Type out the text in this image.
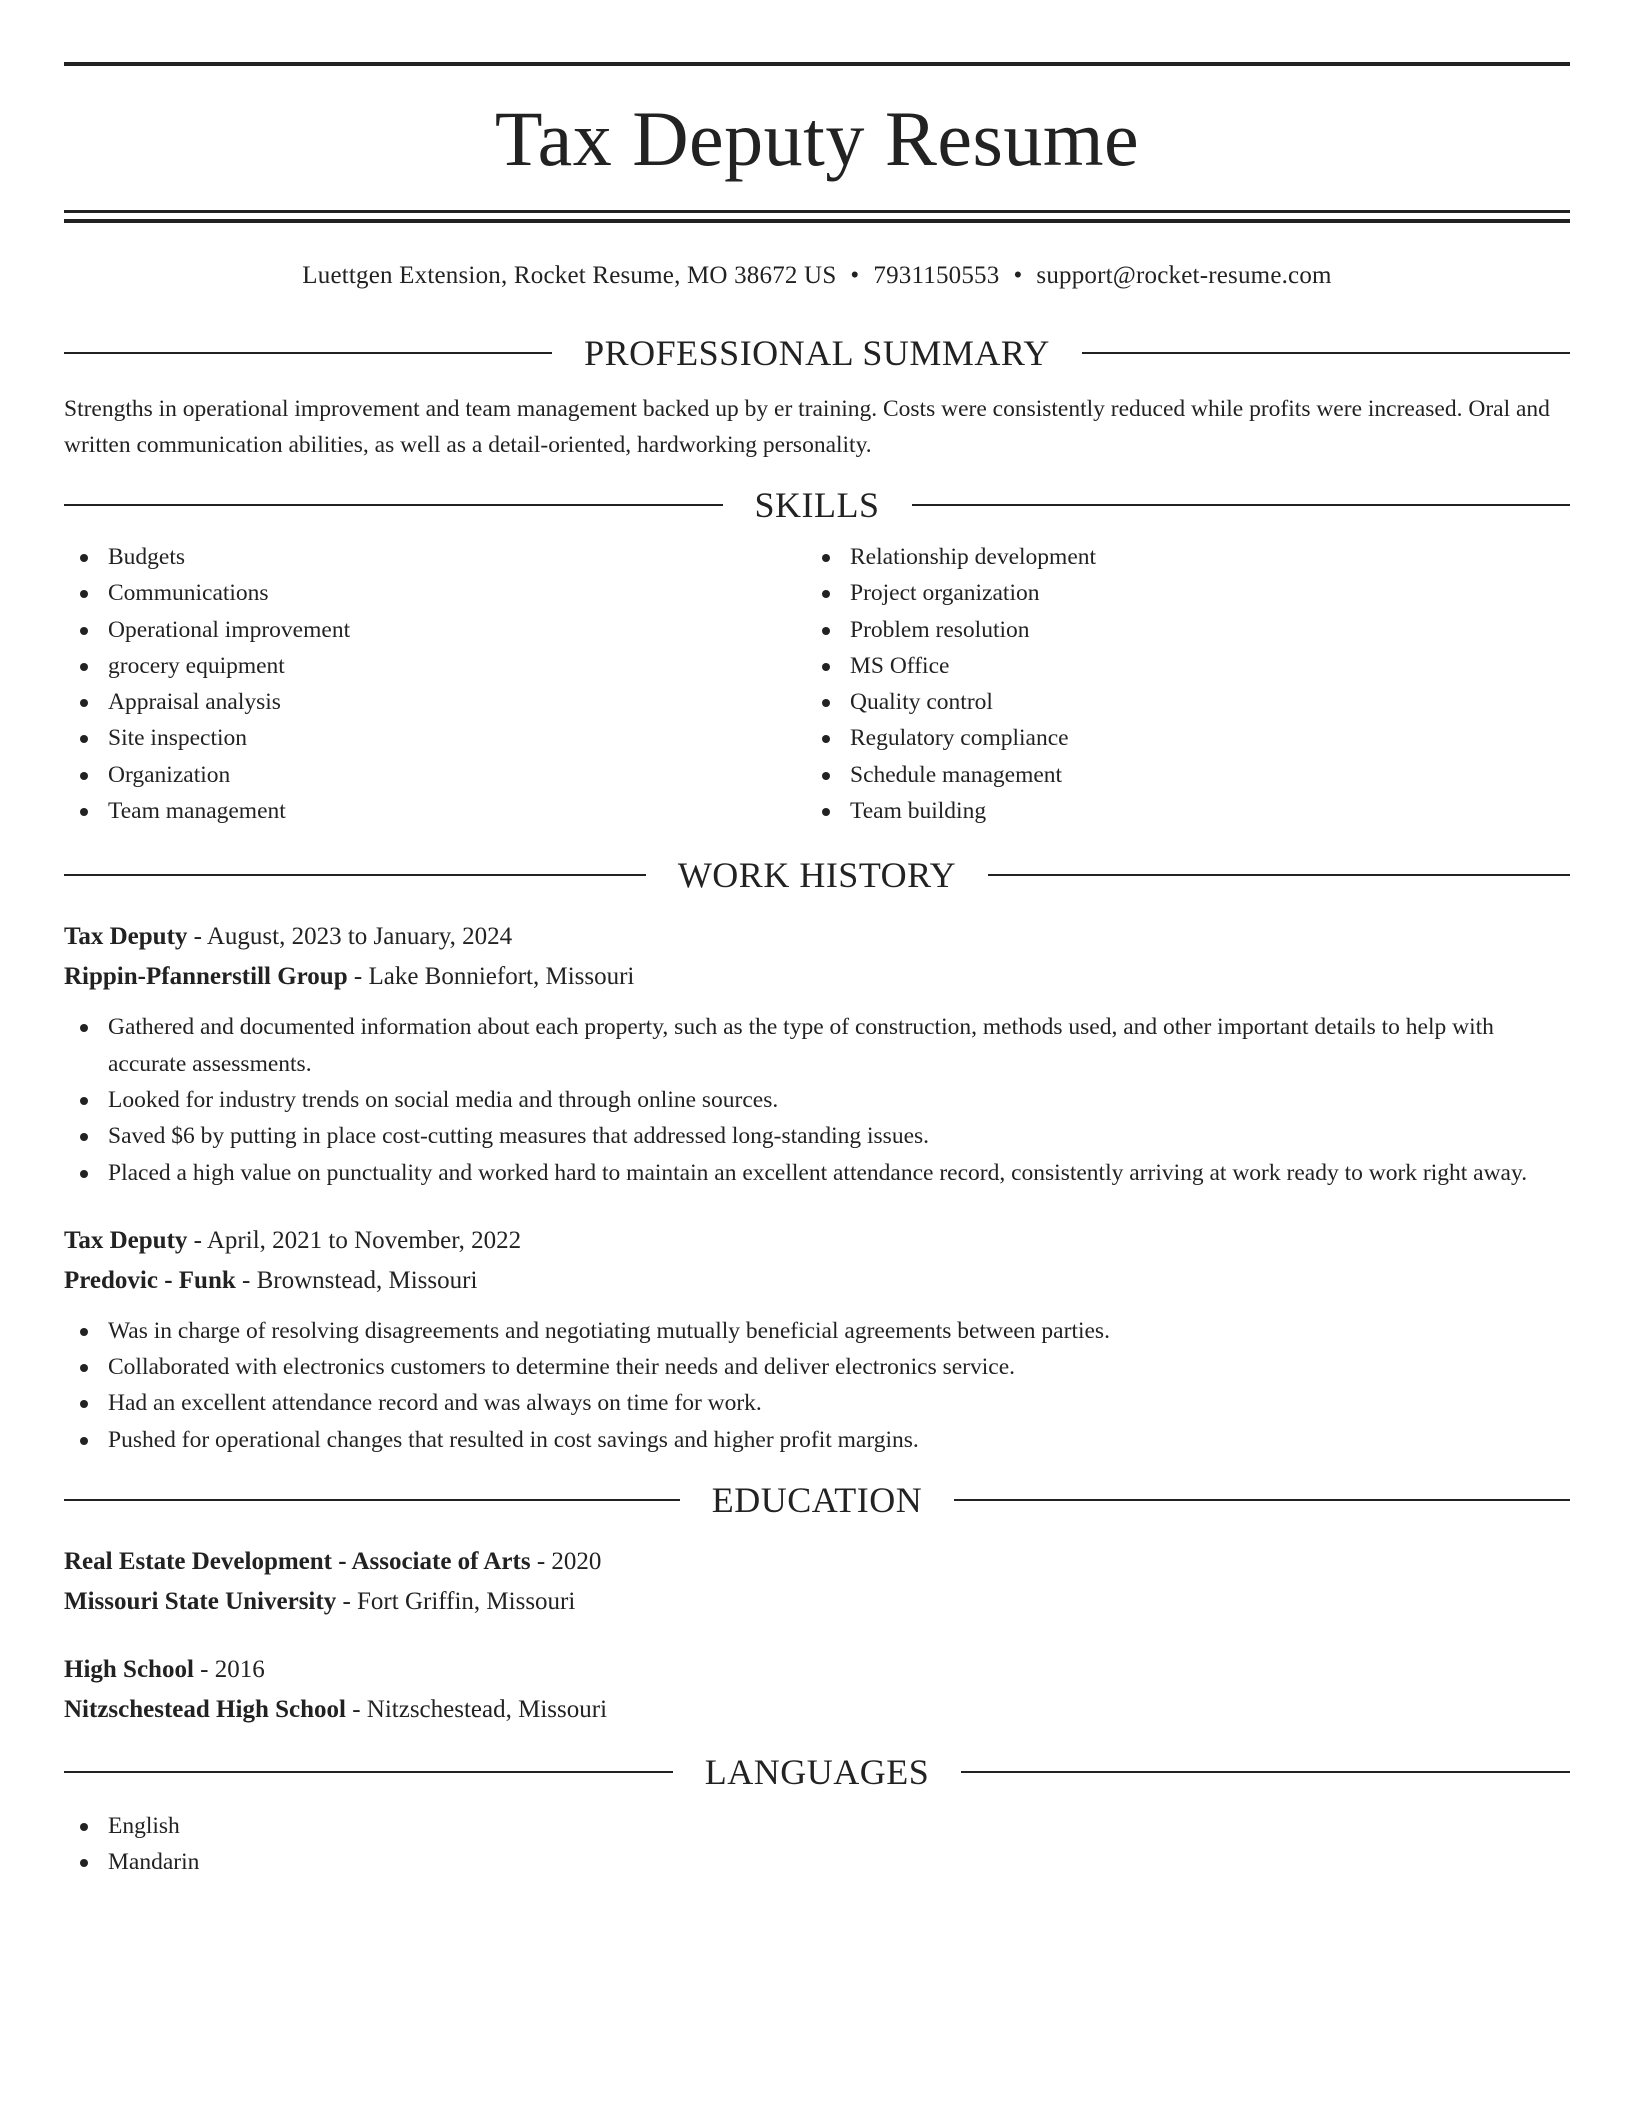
Tax Deputy Resume
Luettgen Extension, Rocket Resume, MO 38672 US • 7931150553 • support@rocket-resume.com
PROFESSIONAL SUMMARY
Strengths in operational improvement and team management backed up by er training. Costs were consistently reduced while profits were increased. Oral and written communication abilities, as well as a detail-oriented, hardworking personality.
SKILLS
Budgets
Communications
Operational improvement
grocery equipment
Appraisal analysis
Site inspection
Organization
Team management
Relationship development
Project organization
Problem resolution
MS Office
Quality control
Regulatory compliance
Schedule management
Team building
WORK HISTORY
Tax Deputy - August, 2023 to January, 2024
Rippin-Pfannerstill Group - Lake Bonniefort, Missouri
Gathered and documented information about each property, such as the type of construction, methods used, and other important details to help with accurate assessments.
Looked for industry trends on social media and through online sources.
Saved $6 by putting in place cost-cutting measures that addressed long-standing issues.
Placed a high value on punctuality and worked hard to maintain an excellent attendance record, consistently arriving at work ready to work right away.
Tax Deputy - April, 2021 to November, 2022
Predovic - Funk - Brownstead, Missouri
Was in charge of resolving disagreements and negotiating mutually beneficial agreements between parties.
Collaborated with electronics customers to determine their needs and deliver electronics service.
Had an excellent attendance record and was always on time for work.
Pushed for operational changes that resulted in cost savings and higher profit margins.
EDUCATION
Real Estate Development - Associate of Arts - 2020
Missouri State University - Fort Griffin, Missouri
High School - 2016
Nitzschestead High School - Nitzschestead, Missouri
LANGUAGES
English
Mandarin
